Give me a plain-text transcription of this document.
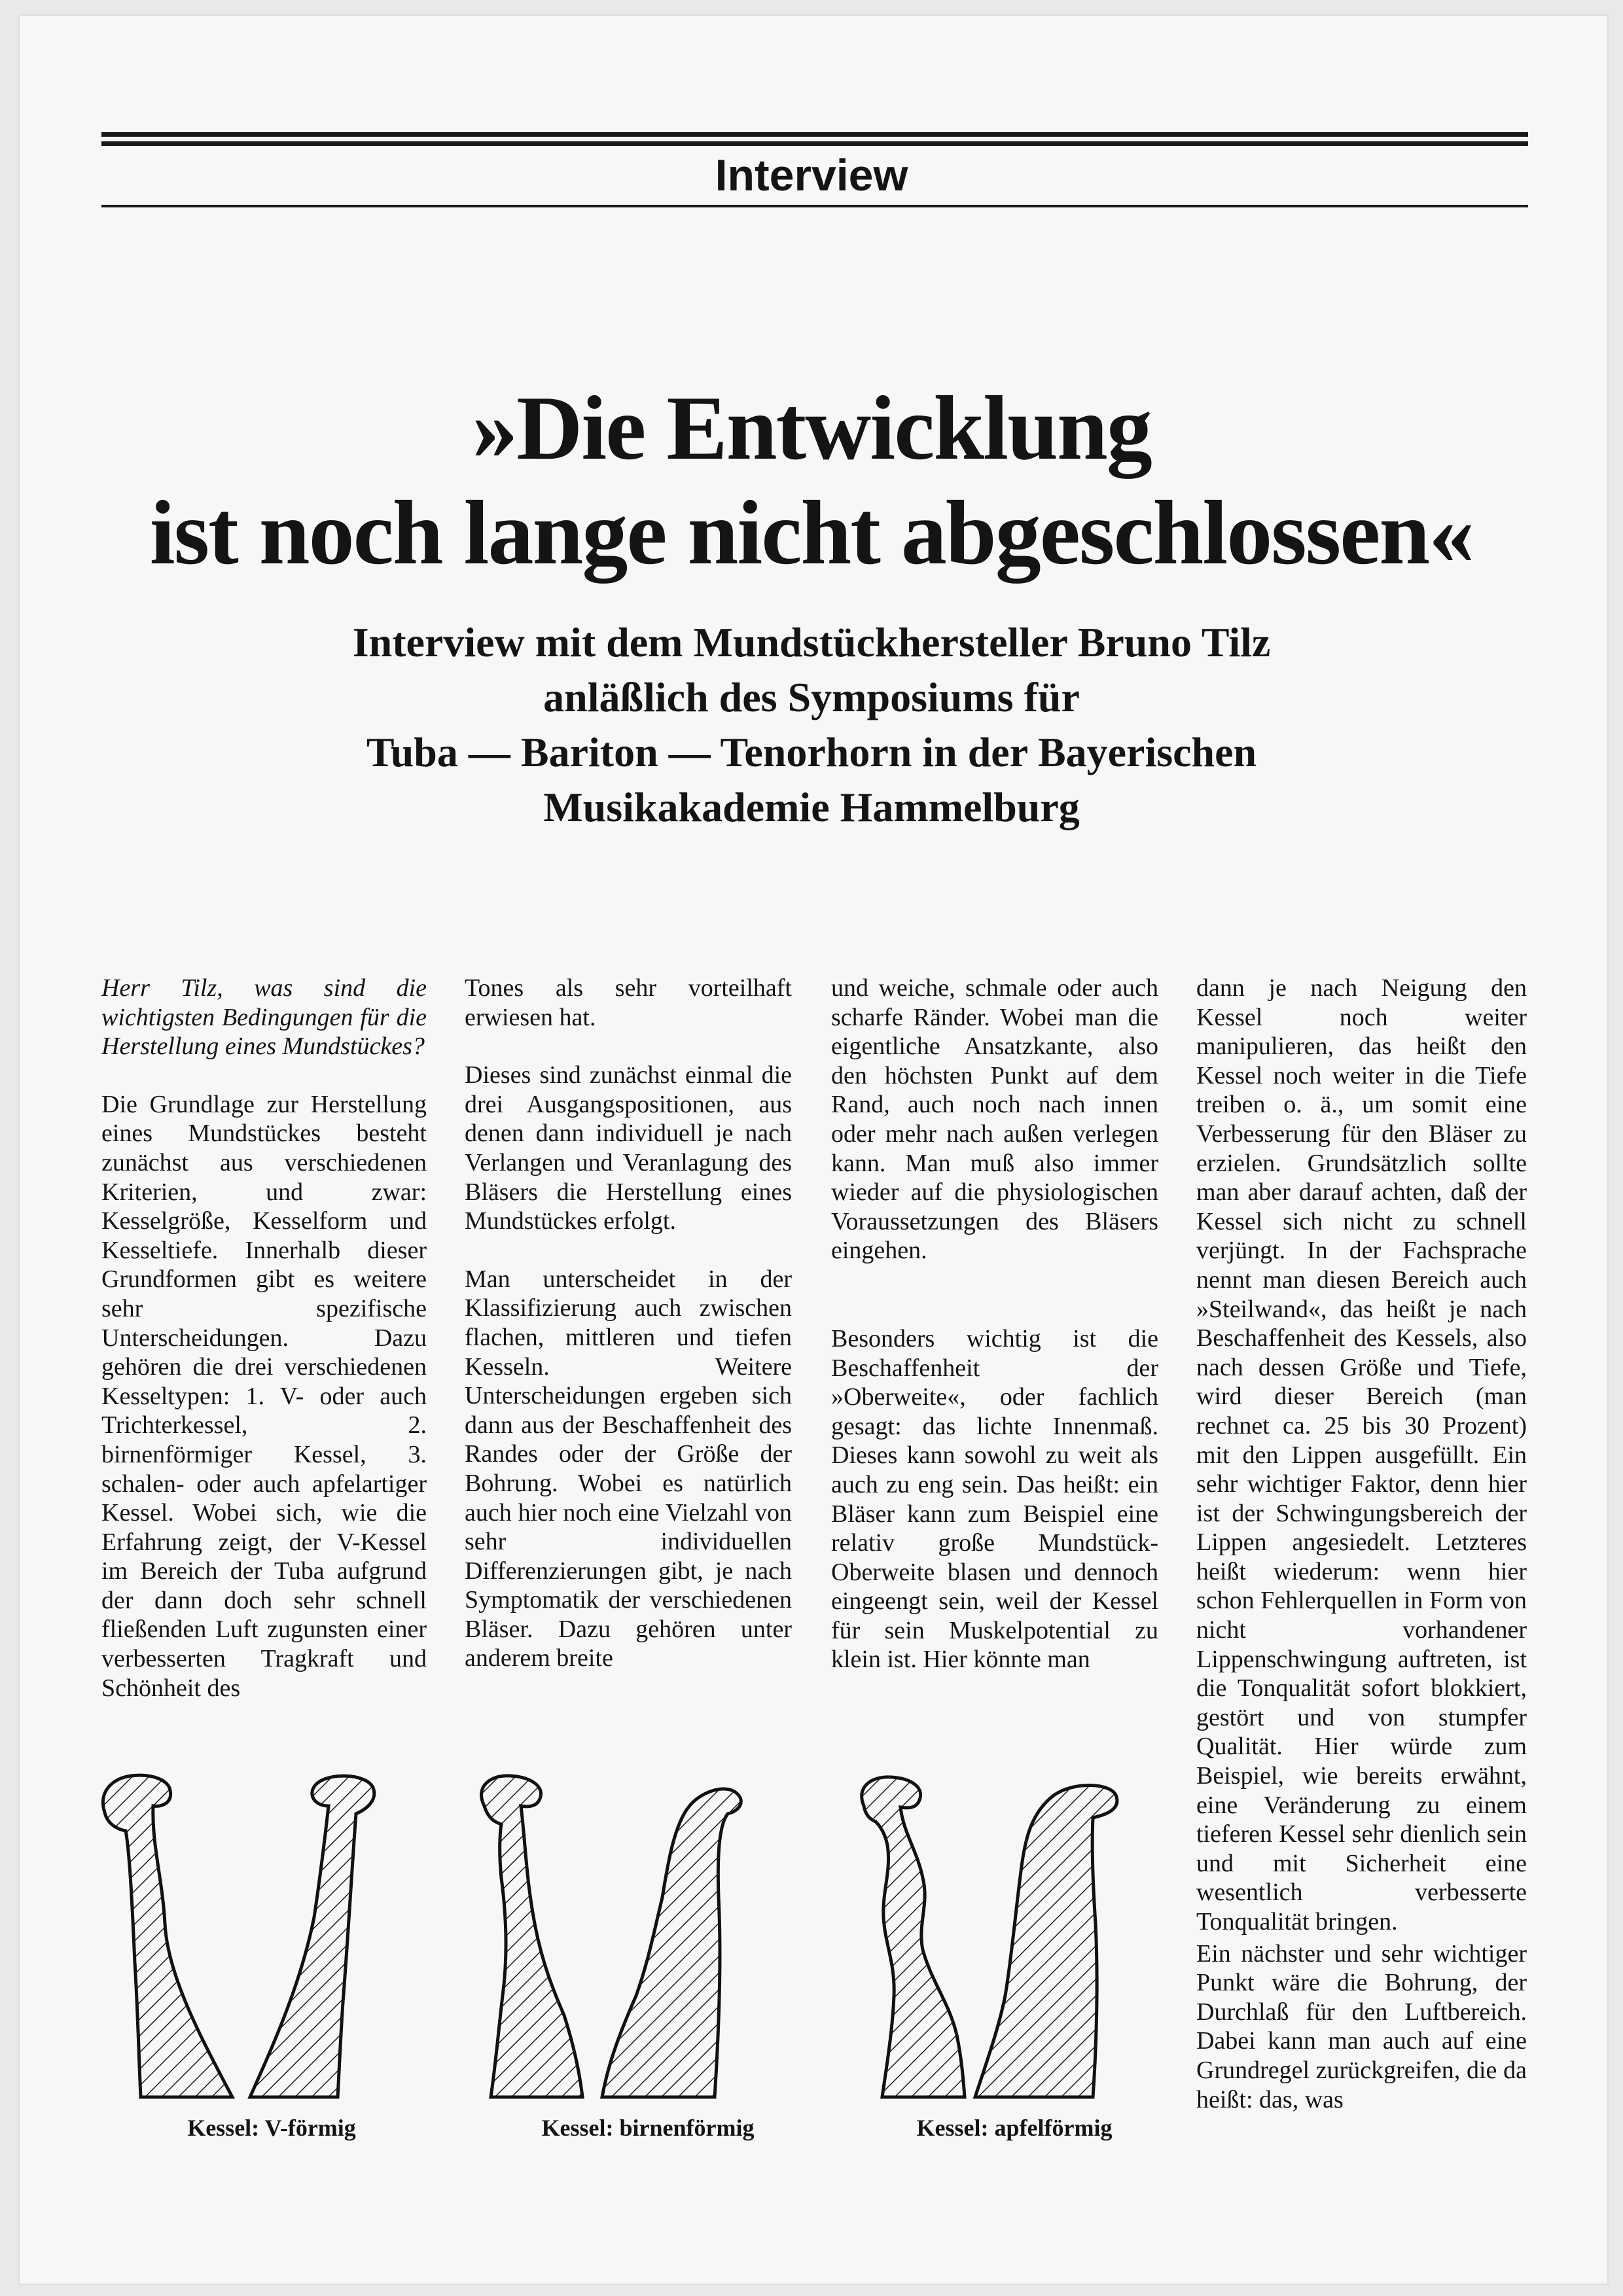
Interview
»Die Entwicklung
ist noch lange nicht abgeschlossen«
Interview mit dem Mundstückhersteller Bruno Tilz
anläßlich des Symposiums für
Tuba — Bariton — Tenorhorn in der Bayerischen
Musikakademie Hammelburg

Herr Tilz, was sind die wichtigsten Bedingungen für die Herstellung eines Mundstückes?

Die Grundlage zur Herstellung eines Mundstückes besteht zunächst aus verschiedenen Kriterien, und zwar: Kesselgröße, Kesselform und Kesseltiefe. Innerhalb dieser Grundformen gibt es weitere sehr spezifische Unterscheidungen. Dazu gehören die drei verschiedenen Kesseltypen: 1. V- oder auch Trichterkessel, 2. birnenförmiger Kessel, 3. schalen- oder auch apfelartiger Kessel. Wobei sich, wie die Erfahrung zeigt, der V-Kessel im Bereich der Tuba aufgrund der dann doch sehr schnell fließenden Luft zugunsten einer verbesserten Tragkraft und Schönheit des

Tones als sehr vorteilhaft erwiesen hat.

Dieses sind zunächst einmal die drei Ausgangspositionen, aus denen dann individuell je nach Verlangen und Veranlagung des Bläsers die Herstellung eines Mundstückes erfolgt.

Man unterscheidet in der Klassifizierung auch zwischen flachen, mittleren und tiefen Kesseln. Weitere Unterscheidungen ergeben sich dann aus der Beschaffenheit des Randes oder der Größe der Bohrung. Wobei es natürlich auch hier noch eine Vielzahl von sehr individuellen Differenzierungen gibt, je nach Symptomatik der verschiedenen Bläser. Dazu gehören unter anderem breite

und weiche, schmale oder auch scharfe Ränder. Wobei man die eigentliche Ansatzkante, also den höchsten Punkt auf dem Rand, auch noch nach innen oder mehr nach außen verlegen kann. Man muß also immer wieder auf die physiologischen Voraussetzungen des Bläsers eingehen.

Besonders wichtig ist die Beschaffenheit der »Oberweite«, oder fachlich gesagt: das lichte Innenmaß. Dieses kann sowohl zu weit als auch zu eng sein. Das heißt: ein Bläser kann zum Beispiel eine relativ große Mundstück-Oberweite blasen und dennoch eingeengt sein, weil der Kessel für sein Muskelpotential zu klein ist. Hier könnte man

dann je nach Neigung den Kessel noch weiter manipulieren, das heißt den Kessel noch weiter in die Tiefe treiben o. ä., um somit eine Verbesserung für den Bläser zu erzielen. Grundsätzlich sollte man aber darauf achten, daß der Kessel sich nicht zu schnell verjüngt. In der Fachsprache nennt man diesen Bereich auch »Steilwand«, das heißt je nach Beschaffenheit des Kessels, also nach dessen Größe und Tiefe, wird dieser Bereich (man rechnet ca. 25 bis 30 Prozent) mit den Lippen ausgefüllt. Ein sehr wichtiger Faktor, denn hier ist der Schwingungsbereich der Lippen angesiedelt. Letzteres heißt wiederum: wenn hier schon Fehlerquellen in Form von nicht vorhandener Lippenschwingung auftreten, ist die Tonqualität sofort blokkiert, gestört und von stumpfer Qualität. Hier würde zum Beispiel, wie bereits erwähnt, eine Veränderung zu einem tieferen Kessel sehr dienlich sein und mit Sicherheit eine wesentlich verbesserte Tonqualität bringen.

Ein nächster und sehr wichtiger Punkt wäre die Bohrung, der Durchlaß für den Luftbereich. Dabei kann man auch auf eine Grundregel zurückgreifen, die da heißt: das, was

Kessel: V-förmig	Kessel: birnenförmig	Kessel: apfelförmig
